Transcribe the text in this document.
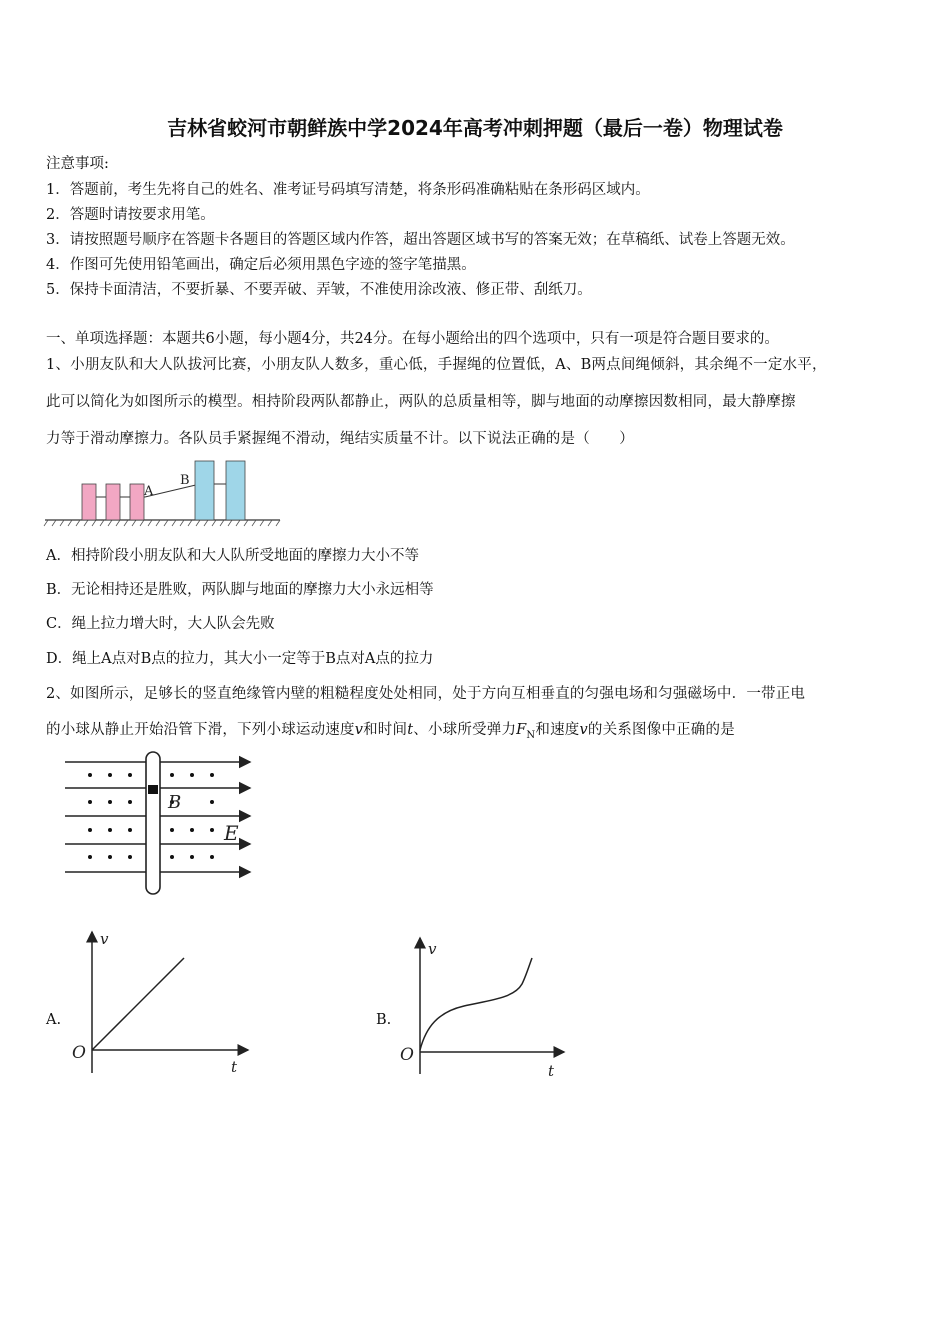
吉林省蛟河市朝鲜族中学2024年高考冲刺押题（最后一卷）物理试卷
注意事项:
1．答题前，考生先将自己的姓名、准考证号码填写清楚，将条形码准确粘贴在条形码区域内。
2．答题时请按要求用笔。
3．请按照题号顺序在答题卡各题目的答题区域内作答，超出答题区域书写的答案无效；在草稿纸、试卷上答题无效。
4．作图可先使用铅笔画出，确定后必须用黑色字迹的签字笔描黑。
5．保持卡面清洁，不要折暴、不要弄破、弄皱，不准使用涂改液、修正带、刮纸刀。
一、单项选择题：本题共6小题，每小题4分，共24分。在每小题给出的四个选项中，只有一项是符合题目要求的。
1、小朋友队和大人队拔河比赛，小朋友队人数多，重心低，手握绳的位置低，A、B两点间绳倾斜，其余绳不一定水平，
此可以简化为如图所示的模型。相持阶段两队都静止，两队的总质量相等，脚与地面的动摩擦因数相同，最大静摩擦
力等于滑动摩擦力。各队员手紧握绳不滑动，绳结实质量不计。以下说法正确的是（　　）
A
B
A．相持阶段小朋友队和大人队所受地面的摩擦力大小不等
B．无论相持还是胜败，两队脚与地面的摩擦力大小永远相等
C．绳上拉力增大时，大人队会先败
D．绳上A点对B点的拉力，其大小一定等于B点对A点的拉力
2、如图所示，足够长的竖直绝缘管内壁的粗糙程度处处相同，处于方向互相垂直的匀强电场和匀强磁场中．一带正电
的小球从静止开始沿管下滑，下列小球运动速度v和时间t、小球所受弹力$F_N$和速度v的关系图像中正确的是
B
E
A.
v
t
O
B.
v
t
O
